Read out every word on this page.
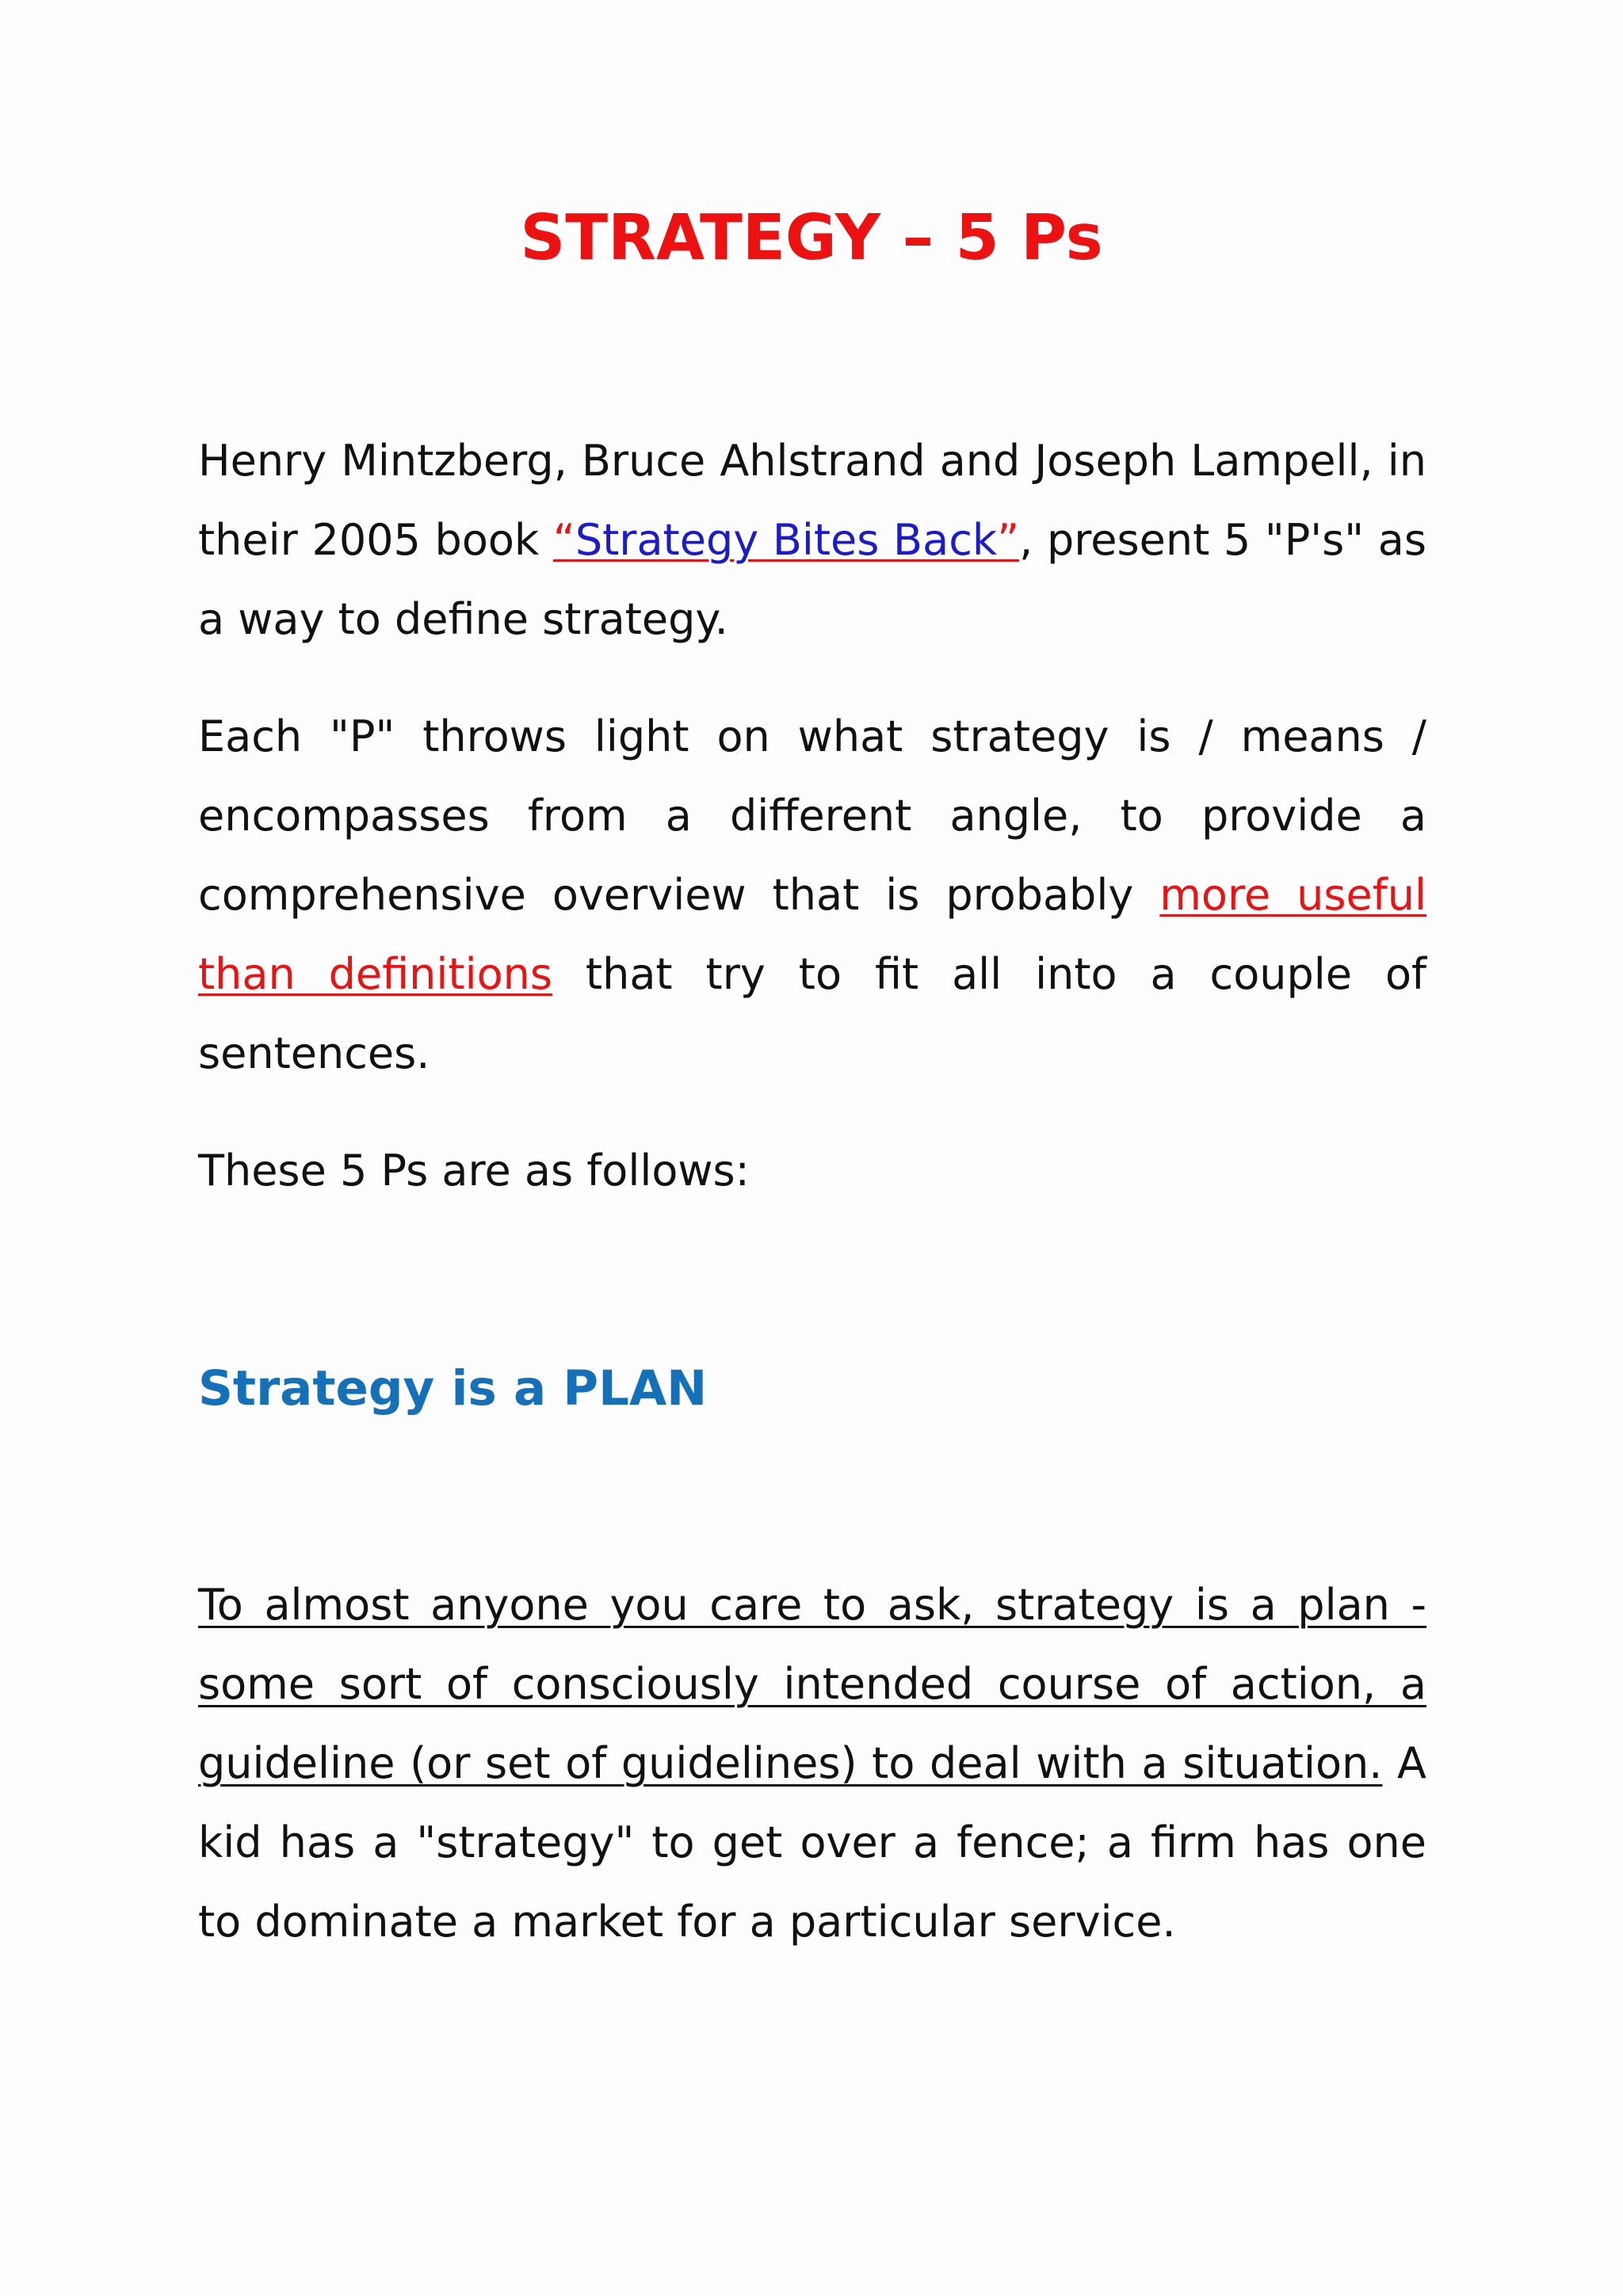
STRATEGY – 5 Ps

Henry Mintzberg, Bruce Ahlstrand and Joseph Lampell, in their 2005 book “Strategy Bites Back”, present 5 "P's" as a way to define strategy.

Each "P" throws light on what strategy is / means / encompasses from a different angle, to provide a comprehensive overview that is probably more useful than definitions that try to fit all into a couple of sentences.

These 5 Ps are as follows:

Strategy is a PLAN

To almost anyone you care to ask, strategy is a plan - some sort of consciously intended course of action, a guideline (or set of guidelines) to deal with a situation. A kid has a "strategy" to get over a fence; a firm has one to dominate a market for a particular service.
